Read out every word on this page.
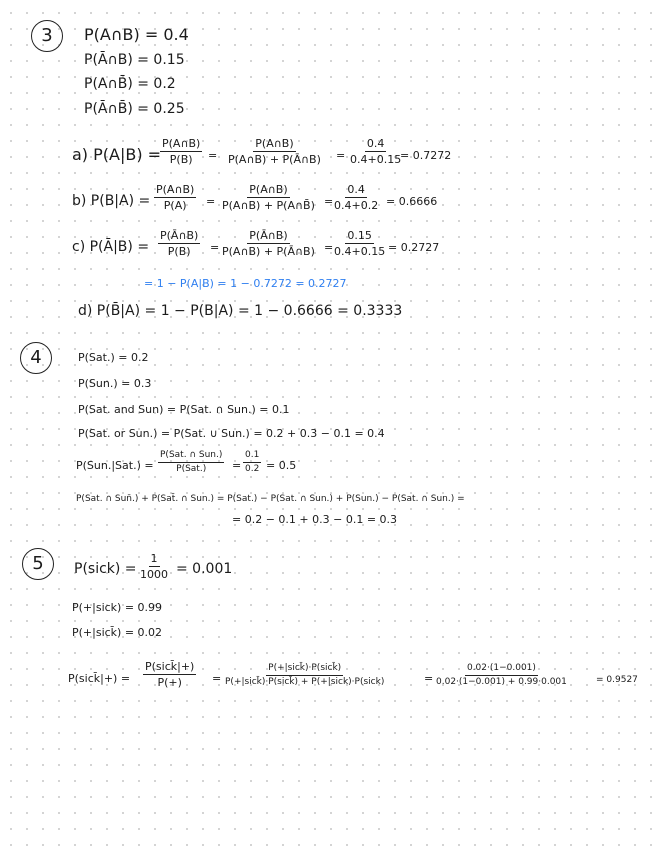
3	P(A∩B) = 0.4
P(Ā∩B) = 0.15
P(A∩B̄) = 0.2
P(Ā∩B̄) = 0.25
a) P(A|B) =
$\frac{P(A\cap B)}{P(B)} = \frac{P(A\cap B)}{P(A\cap B) + P(Ā\cap B)} = \frac{0.4}{0.4+0.15}$
= 0.7272
b) $P(B|A) = \frac{P(A\cap B)}{P(A)} = \frac{P(A\cap B)}{P(A\cap B) + P(A\cap B̄)}$ =
$\frac{0.4}{0.4+0.2} = 0.6666$
c) P(Ā|B) = $\frac{P(Ā\cap B)}{P(B)} = \frac{P(Ā\cap B)}{P(A\cap B) + P(Ā\cap B)}$ =
$\frac{0.15}{0.4+0.15} = 0.2727$
= 1 − P(A|B) = 1 − 0.7272 = 0.2727
d) P(B̄|A) = 1 − P(B|A) = 1 − 0.6666 = 0.3333
4	P(Sat.) = 0.2
P(Sun.) = 0.3
P(Sat. and Sun) = P(Sat. ∩ Sun.) = 0.1
P(Sat. or Sun.) = P(Sat. ∪ Sun.) = 0.2 + 0.3 − 0.1 = 0.4
P(Sun.|Sat.) =
P(Sat. ∩ Sun.)
$P(Sat.) = \frac{0.1}{0.2} = 0.5$
P(Sat. ∩ Sun̄.) + P(Sat̄. ∩ Sun.) = P(Sat.) − P(Sat. ∩ Sun.) + P(Sun.) − P(Sat. ∩ Sun.) =
= 0.2 − 0.1 + 0.3 − 0.1 = 0.3
5	P(sick) = $\frac{1}{1000} = 0.001$
P(+|sick) = 0.99
P(+|sick̄) = 0.02
P(sick̄|+) =
P(sick̄|+)
P(+)	=
P(+|sick̄)·P(sick̄)
P(+|sick̄)·P(sick̄) + P(+|sick)·P(sick)	= $\frac{0.02\cdot(1-0.001)}{0.02\cdot(1-0.001) + 0.99\cdot 0.001}$	= 0.9527
